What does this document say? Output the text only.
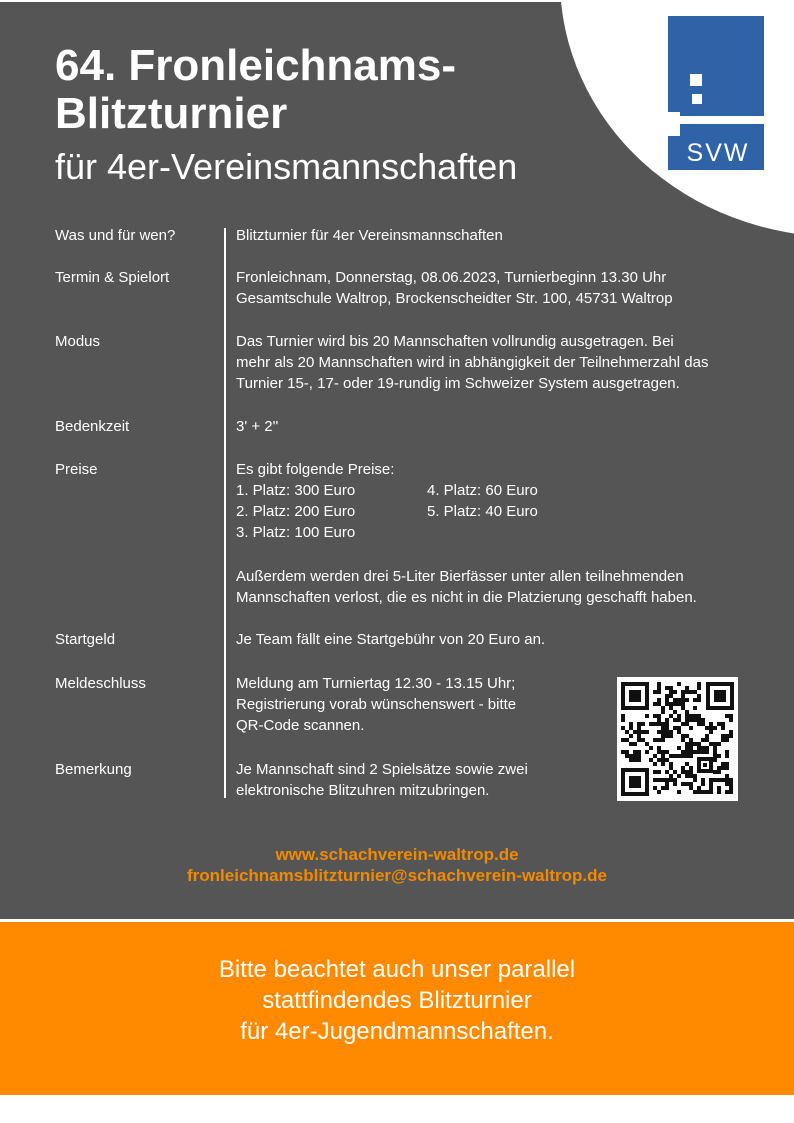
SVW
64. Fronleichnams-
Blitzturnier
für 4er-Vereinsmannschaften
Was und für wen?	Blitzturnier für 4er Vereinsmannschaften
Termin & Spielort	Fronleichnam, Donnerstag, 08.06.2023, Turnierbeginn 13.30 Uhr
Gesamtschule Waltrop, Brockenscheidter Str. 100, 45731 Waltrop
Modus	Das Turnier wird bis 20 Mannschaften vollrundig ausgetragen. Bei
mehr als 20 Mannschaften wird in abhängigkeit der Teilnehmerzahl das
Turnier 15-, 17- oder 19-rundig im Schweizer System ausgetragen.
Bedenkzeit	3' + 2''
Preise	Es gibt folgende Preise:
1. Platz: 300 Euro
2. Platz: 200 Euro
3. Platz: 100 Euro
4. Platz: 60 Euro
5. Platz: 40 Euro
Außerdem werden drei 5-Liter Bierfässer unter allen teilnehmenden
Mannschaften verlost, die es nicht in die Platzierung geschafft haben.
Startgeld	Je Team fällt eine Startgebühr von 20 Euro an.
Meldeschluss	Meldung am Turniertag 12.30 - 13.15 Uhr;
Registrierung vorab wünschenswert - bitte
QR-Code scannen.
Bemerkung	Je Mannschaft sind 2 Spielsätze sowie zwei
elektronische Blitzuhren mitzubringen.
www.schachverein-waltrop.de
fronleichnamsblitzturnier@schachverein-waltrop.de
Bitte beachtet auch unser parallel
stattfindendes Blitzturnier
für 4er-Jugendmannschaften.
